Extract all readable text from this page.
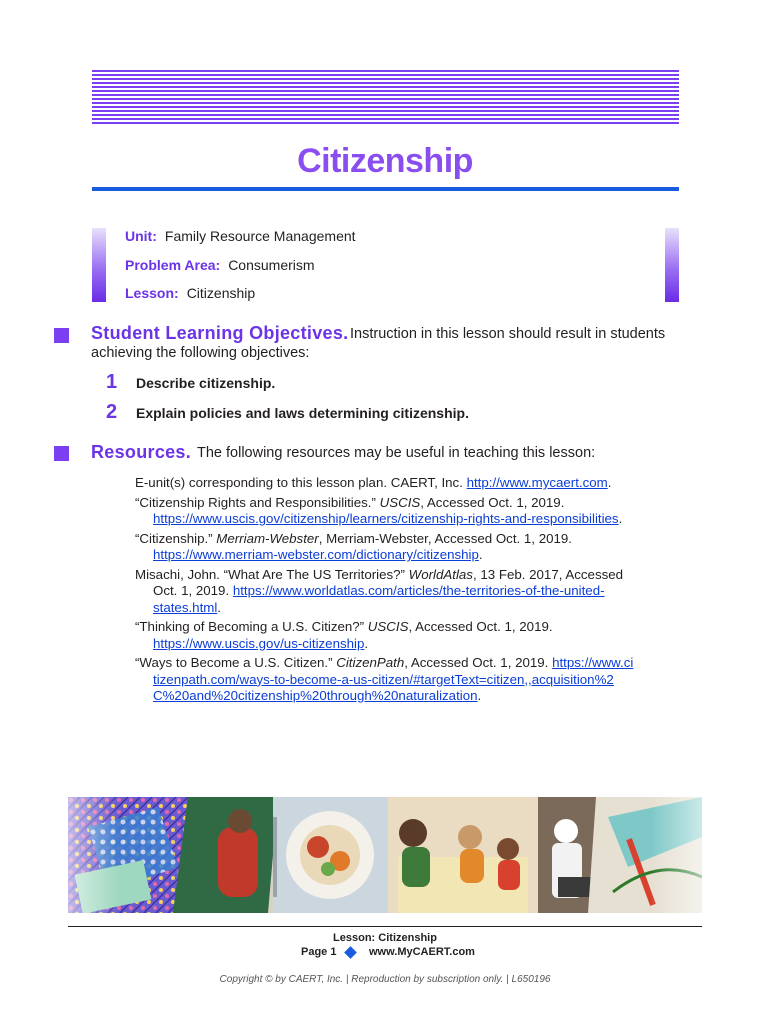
Citizenship
Unit: Family Resource Management
Problem Area: Consumerism
Lesson: Citizenship
Student Learning Objectives. Instruction in this lesson should result in students
achieving the following objectives:
1 Describe citizenship.
2 Explain policies and laws determining citizenship.
Resources. The following resources may be useful in teaching this lesson:
E-unit(s) corresponding to this lesson plan. CAERT, Inc. http://www.mycaert.com.
“Citizenship Rights and Responsibilities.” USCIS, Accessed Oct. 1, 2019. https://www.uscis.gov/citizenship/learners/citizenship-rights-and-responsibilities.
“Citizenship.” Merriam-Webster, Merriam-Webster, Accessed Oct. 1, 2019. https://www.merriam-webster.com/dictionary/citizenship.
Misachi, John. “What Are The US Territories?” WorldAtlas, 13 Feb. 2017, Accessed Oct. 1, 2019. https://www.worldatlas.com/articles/the-territories-of-the-united-states.html.
“Thinking of Becoming a U.S. Citizen?” USCIS, Accessed Oct. 1, 2019. https://www.uscis.gov/us-citizenship.
“Ways to Become a U.S. Citizen.” CitizenPath, Accessed Oct. 1, 2019. https://www.citizenpath.com/ways-to-become-a-us-citizen/#targetText=citizen,,acquisition%2C%20and%20citizenship%20through%20naturalization.
Lesson: Citizenship
Page 1	www.MyCAERT.com
Copyright © by CAERT, Inc. | Reproduction by subscription only. | L650196
